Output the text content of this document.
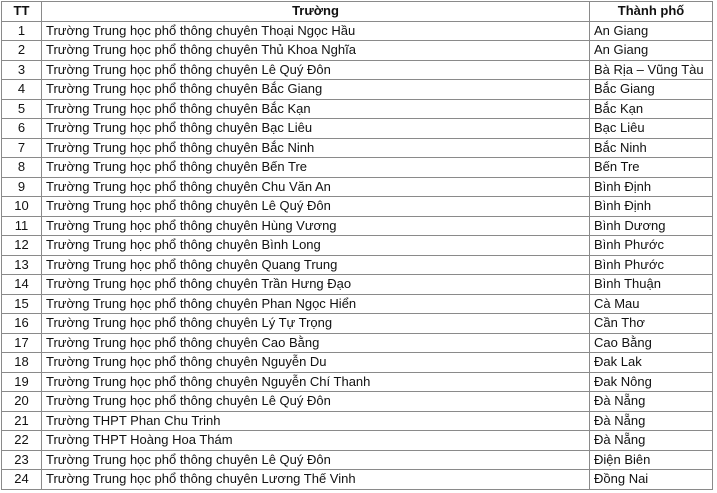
TT	Trường	Thành phố
1	Trường Trung học phổ thông chuyên Thoại Ngọc Hầu	An Giang
2	Trường Trung học phổ thông chuyên Thủ Khoa Nghĩa	An Giang
3	Trường Trung học phổ thông chuyên Lê Quý Đôn	Bà Rịa – Vũng Tàu
4	Trường Trung học phổ thông chuyên Bắc Giang	Bắc Giang
5	Trường Trung học phổ thông chuyên Bắc Kạn	Bắc Kạn
6	Trường Trung học phổ thông chuyên Bạc Liêu	Bạc Liêu
7	Trường Trung học phổ thông chuyên Bắc Ninh	Bắc Ninh
8	Trường Trung học phổ thông chuyên Bến Tre	Bến Tre
9	Trường Trung học phổ thông chuyên Chu Văn An	Bình Định
10	Trường Trung học phổ thông chuyên Lê Quý Đôn	Bình Định
11	Trường Trung học phổ thông chuyên Hùng Vương	Bình Dương
12	Trường Trung học phổ thông chuyên Bình Long	Bình Phước
13	Trường Trung học phổ thông chuyên Quang Trung	Bình Phước
14	Trường Trung học phổ thông chuyên Trần Hưng Đạo	Bình Thuận
15	Trường Trung học phổ thông chuyên Phan Ngọc Hiển	Cà Mau
16	Trường Trung học phổ thông chuyên Lý Tự Trọng	Cần Thơ
17	Trường Trung học phổ thông chuyên Cao Bằng	Cao Bằng
18	Trường Trung học phổ thông chuyên Nguyễn Du	Đak Lak
19	Trường Trung học phổ thông chuyên Nguyễn Chí Thanh	Đak Nông
20	Trường Trung học phổ thông chuyên Lê Quý Đôn	Đà Nẵng
21	Trường THPT Phan Chu Trinh	Đà Nẵng
22	Trường THPT Hoàng Hoa Thám	Đà Nẵng
23	Trường Trung học phổ thông chuyên Lê Quý Đôn	Điện Biên
24	Trường Trung học phổ thông chuyên Lương Thế Vinh	Đồng Nai
